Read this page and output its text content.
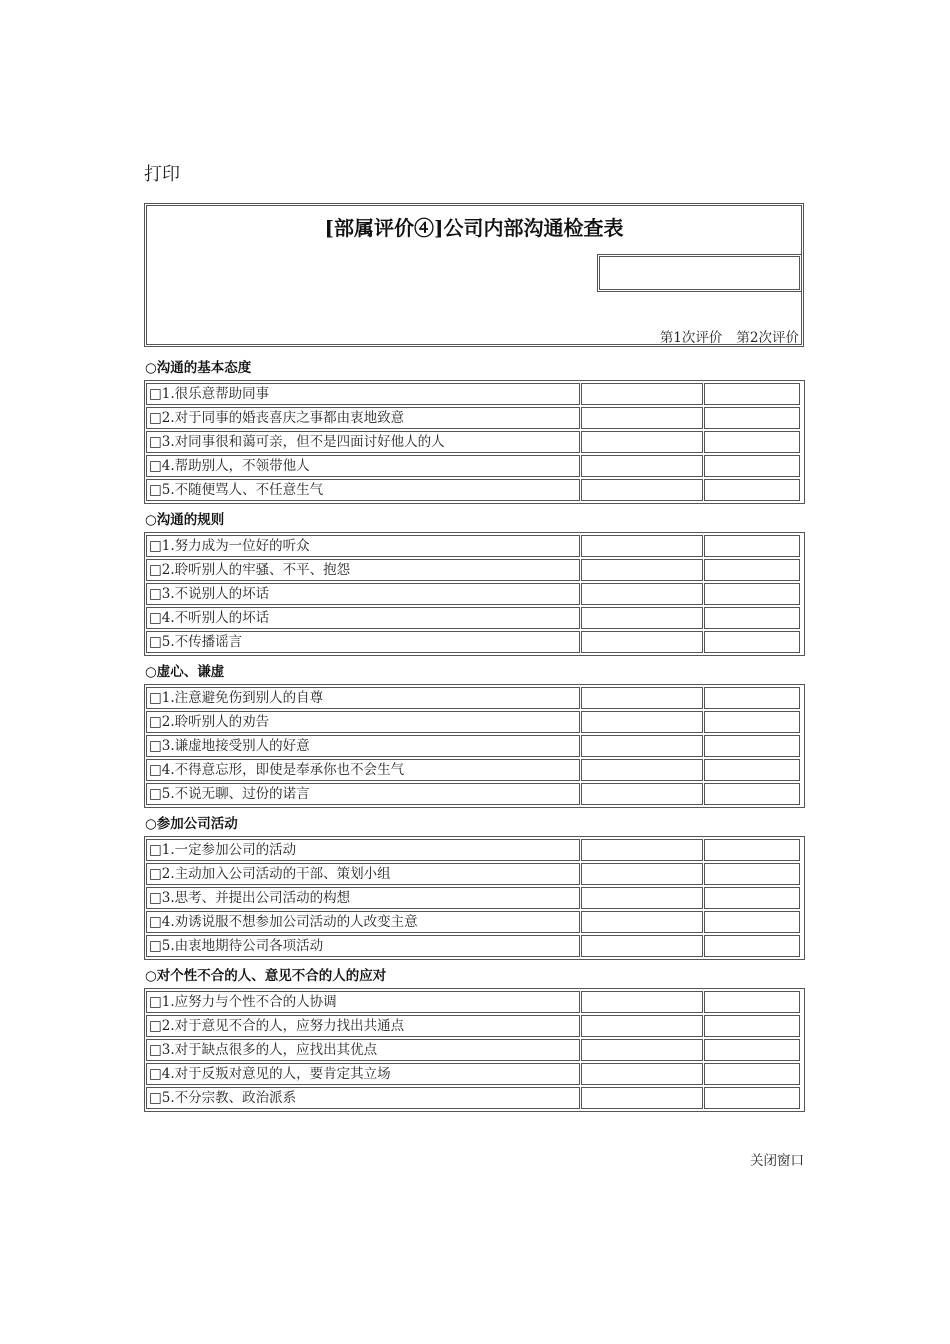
打印
[部属评价④]公司内部沟通检查表
第1次评价 第2次评价
○沟通的基本态度
□1.很乐意帮助同事
□2.对于同事的婚丧喜庆之事都由衷地致意
□3.对同事很和蔼可亲，但不是四面讨好他人的人
□4.帮助别人，不领带他人
□5.不随便骂人、不任意生气
○沟通的规则
□1.努力成为一位好的听众
□2.聆听别人的牢骚、不平、抱怨
□3.不说别人的坏话
□4.不听别人的坏话
□5.不传播谣言
○虚心、谦虚
□1.注意避免伤到别人的自尊
□2.聆听别人的劝告
□3.谦虚地接受别人的好意
□4.不得意忘形，即使是奉承你也不会生气
□5.不说无聊、过份的诺言
○参加公司活动
□1.一定参加公司的活动
□2.主动加入公司活动的干部、策划小组
□3.思考、并提出公司活动的构想
□4.劝诱说服不想参加公司活动的人改变主意
□5.由衷地期待公司各项活动
○对个性不合的人、意见不合的人的应对
□1.应努力与个性不合的人协调
□2.对于意见不合的人，应努力找出共通点
□3.对于缺点很多的人，应找出其优点
□4.对于反叛对意见的人，要肯定其立场
□5.不分宗教、政治派系
关闭窗口
